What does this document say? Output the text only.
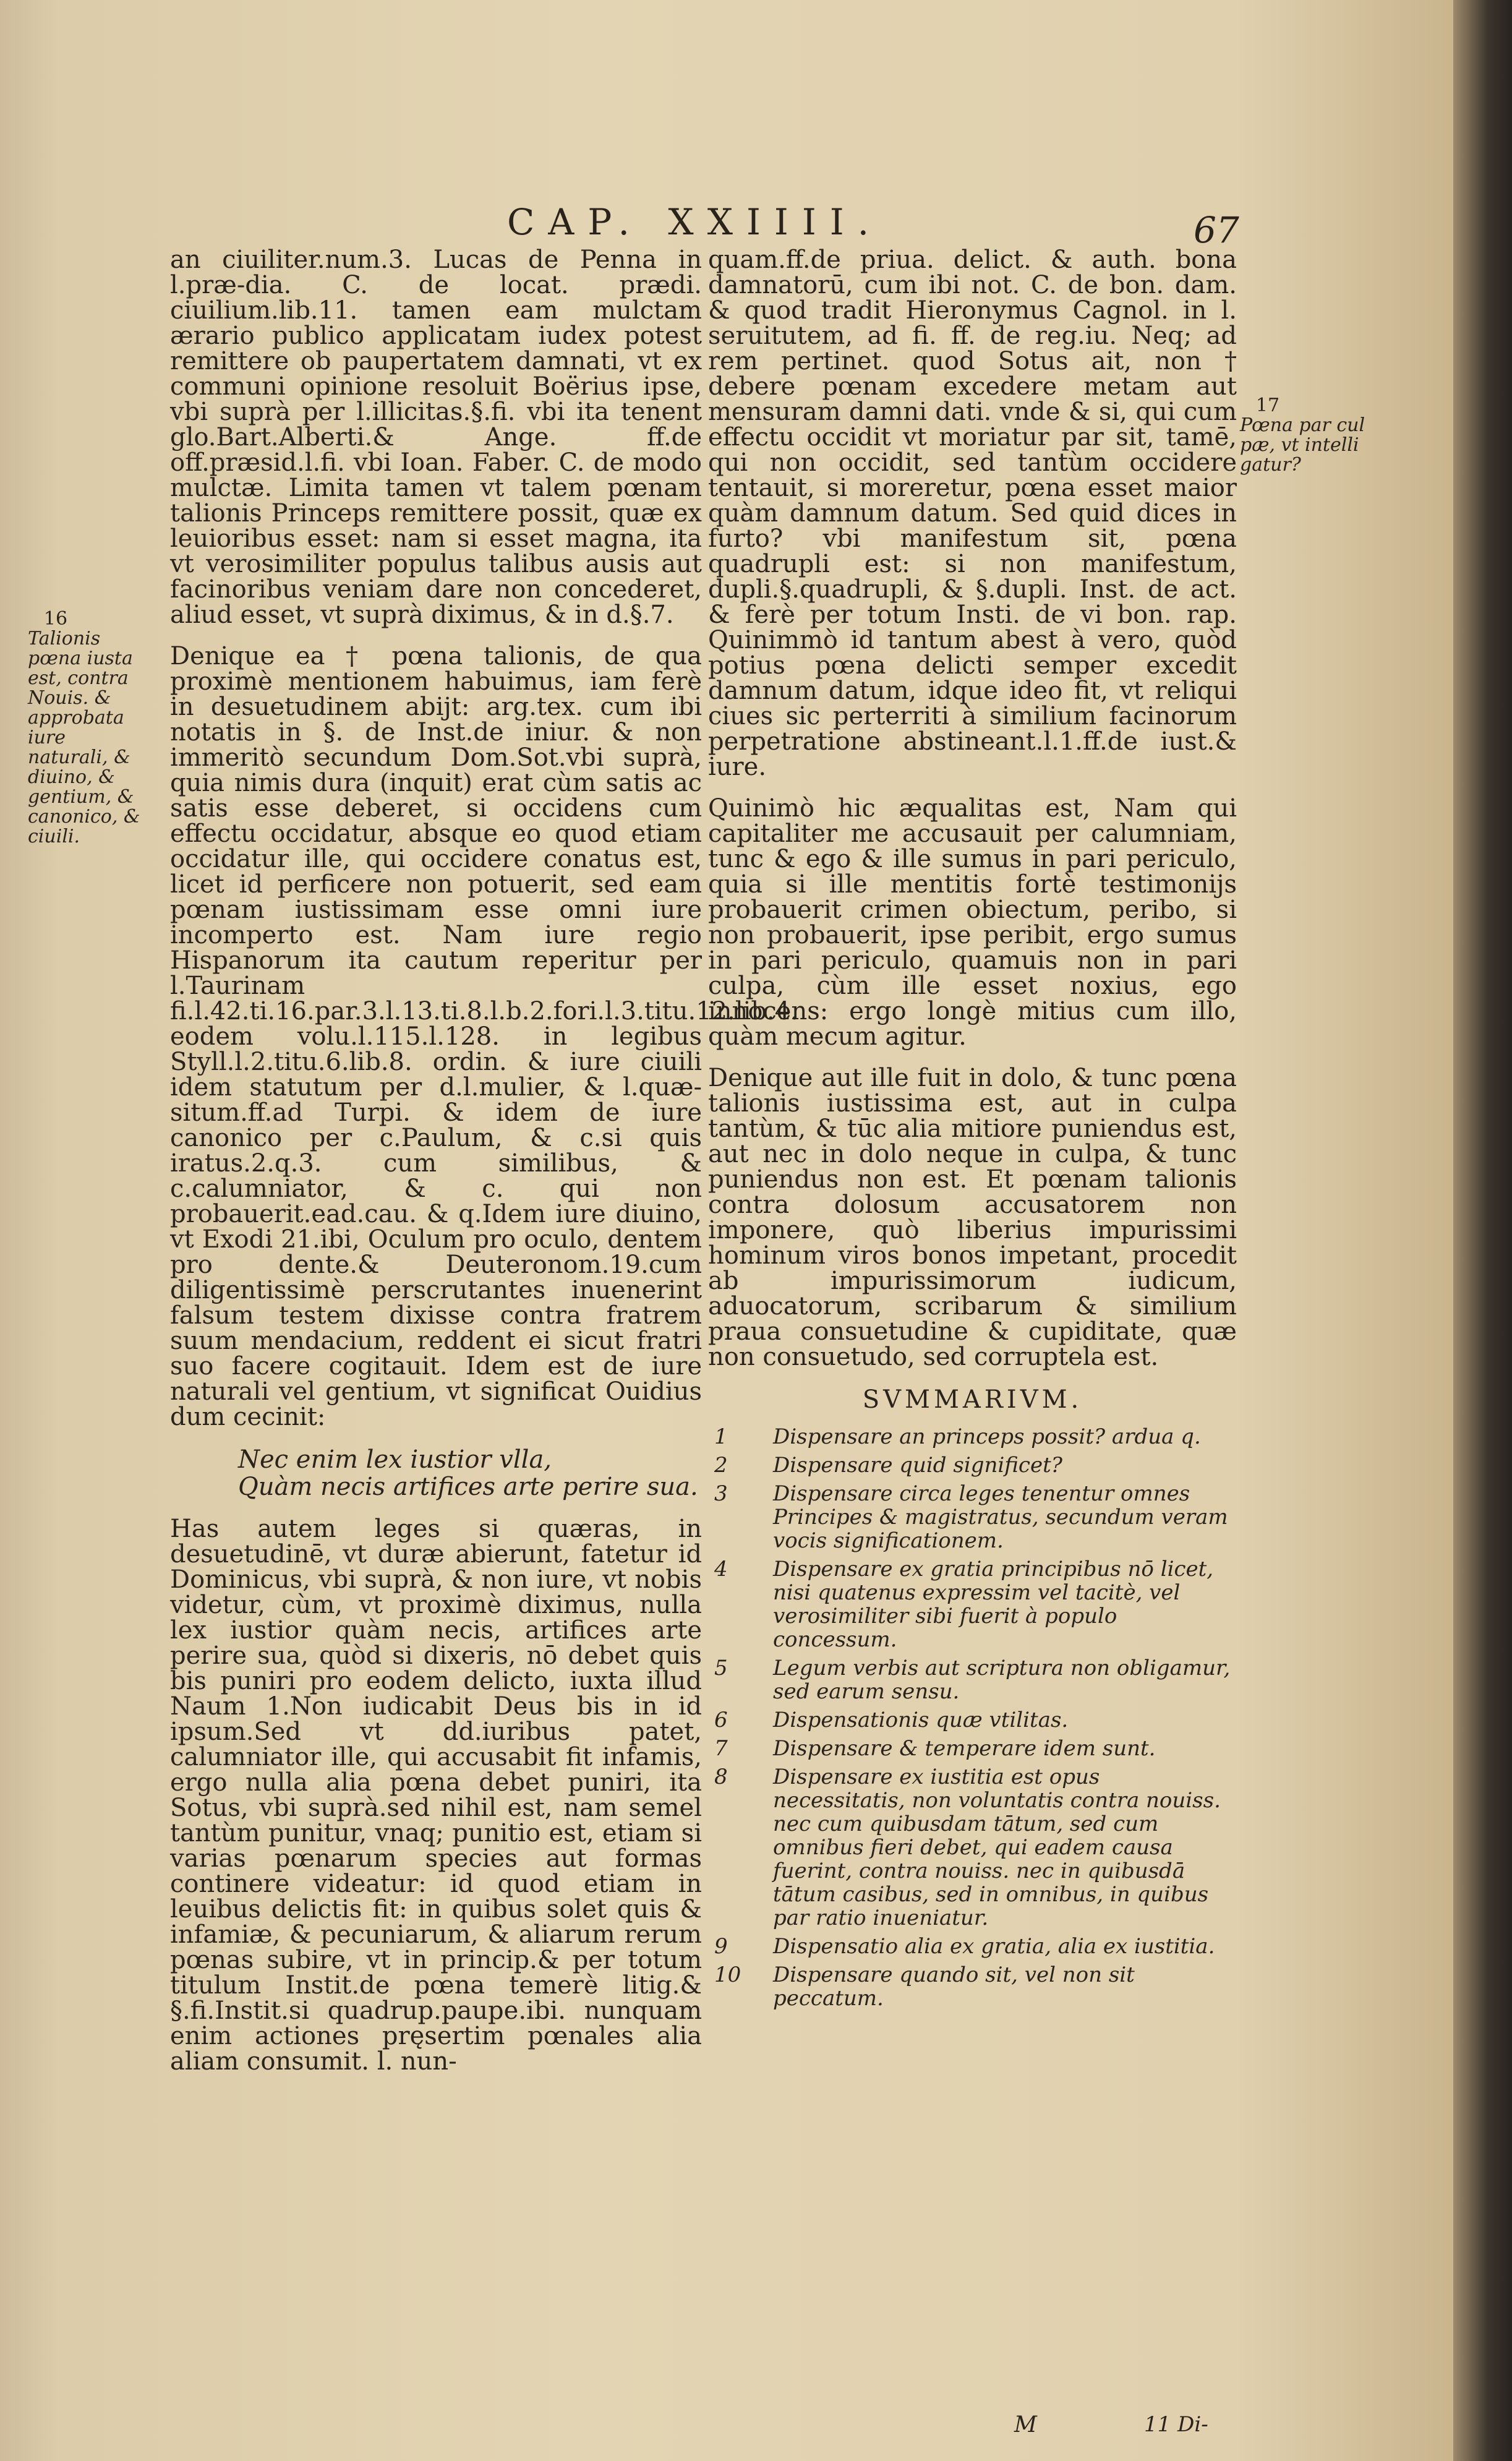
CAP. XXIIII.	67
16
Talionis pœna iusta est, contra Nouis. & approbata iure naturali, & diuino, & gentium, & canonico, & ciuili.
17
Pœna par cul pæ, vt intelli gatur?

an ciuiliter.num.3. Lucas de Penna in l.præ-dia. C. de locat. prædi. ciuilium.lib.11. tamen eam mulctam ærario publico applicatam iudex potest remittere ob paupertatem damnati, vt ex communi opinione resoluit Boërius ipse, vbi suprà per l.illicitas.§.fi. vbi ita tenent glo.Bart.Alberti.& Ange. ff.de off.præsid.l.fi. vbi Ioan. Faber. C. de modo mulctæ. Limita tamen vt talem pœnam talionis Princeps remittere possit, quæ ex leuioribus esset: nam si esset magna, ita vt verosimiliter populus talibus ausis aut facinoribus veniam dare non concederet, aliud esset, vt suprà diximus, & in d.§.7.

Denique ea † pœna talionis, de qua proximè mentionem habuimus, iam ferè in desuetudinem abijt: arg.tex. cum ibi notatis in §. de Inst.de iniur. & non immeritò secundum Dom.Sot.vbi suprà, quia nimis dura (inquit) erat cùm satis ac satis esse deberet, si occidens cum effectu occidatur, absque eo quod etiam occidatur ille, qui occidere conatus est, licet id perficere non potuerit, sed eam pœnam iustissimam esse omni iure incomperto est. Nam iure regio Hispanorum ita cautum reperitur per l.Taurinam fi.l.42.ti.16.par.3.l.13.ti.8.l.b.2.fori.l.3.titu.12.lib.4. eodem volu.l.115.l.128. in legibus Styll.l.2.titu.6.lib.8. ordin. & iure ciuili idem statutum per d.l.mulier, & l.quæ-situm.ff.ad Turpi. & idem de iure canonico per c.Paulum, & c.si quis iratus.2.q.3. cum similibus, & c.calumniator, & c. qui non probauerit.ead.cau. & q.Idem iure diuino, vt Exodi 21.ibi, Oculum pro oculo, dentem pro dente.& Deuteronom.19.cum diligentissimè perscrutantes inuenerint falsum testem dixisse contra fratrem suum mendacium, reddent ei sicut fratri suo facere cogitauit. Idem est de iure naturali vel gentium, vt significat Ouidius dum cecinit:

Nec enim lex iustior vlla,
Quàm necis artifices arte perire sua.

Has autem leges si quæras, in desuetudinē, vt duræ abierunt, fatetur id Dominicus, vbi suprà, & non iure, vt nobis videtur, cùm, vt proximè diximus, nulla lex iustior quàm necis, artifices arte perire sua, quòd si dixeris, nō debet quis bis puniri pro eodem delicto, iuxta illud Naum 1.Non iudicabit Deus bis in id ipsum.Sed vt dd.iuribus patet, calumniator ille, qui accusabit fit infamis, ergo nulla alia pœna debet puniri, ita Sotus, vbi suprà.sed nihil est, nam semel tantùm punitur, vnaq; punitio est, etiam si varias pœnarum species aut formas continere videatur: id quod etiam in leuibus delictis fit: in quibus solet quis & infamiæ, & pecuniarum, & aliarum rerum pœnas subire, vt in princip.& per totum titulum Instit.de pœna temerè litig.& §.fi.Instit.si quadrup.paupe.ibi. nunquam enim actiones pręsertim pœnales alia aliam consumit. l. nun-

quam.ff.de priua. delict. & auth. bona damnatorū, cum ibi not. C. de bon. dam. & quod tradit Hieronymus Cagnol. in l. seruitutem, ad fi. ff. de reg.iu. Neq; ad rem pertinet. quod Sotus ait, non † debere pœnam excedere metam aut mensuram damni dati. vnde & si, qui cum effectu occidit vt moriatur par sit, tamē, qui non occidit, sed tantùm occidere tentauit, si moreretur, pœna esset maior quàm damnum datum. Sed quid dices in furto? vbi manifestum sit, pœna quadrupli est: si non manifestum, dupli.§.quadrupli, & §.dupli. Inst. de act. & ferè per totum Insti. de vi bon. rap. Quinimmò id tantum abest à vero, quòd potius pœna delicti semper excedit damnum datum, idque ideo fit, vt reliqui ciues sic perterriti à similium facinorum perpetratione abstineant.l.1.ff.de iust.& iure.

Quinimò hic æqualitas est, Nam qui capitaliter me accusauit per calumniam, tunc & ego & ille sumus in pari periculo, quia si ille mentitis fortè testimonijs probauerit crimen obiectum, peribo, si non probauerit, ipse peribit, ergo sumus in pari periculo, quamuis non in pari culpa, cùm ille esset noxius, ego innocens: ergo longè mitius cum illo, quàm mecum agitur.

Denique aut ille fuit in dolo, & tunc pœna talionis iustissima est, aut in culpa tantùm, & tūc alia mitiore puniendus est, aut nec in dolo neque in culpa, & tunc puniendus non est. Et pœnam talionis contra dolosum accusatorem non imponere, quò liberius impurissimi hominum viros bonos impetant, procedit ab impurissimorum iudicum, aduocatorum, scribarum & similium praua consuetudine & cupiditate, quæ non consuetudo, sed corruptela est.

SVMMARIVM.
1	Dispensare an princeps possit? ardua q.
2	Dispensare quid significet?
3	Dispensare circa leges tenentur omnes Principes & magistratus, secundum veram vocis significationem.
4	Dispensare ex gratia principibus nō licet, nisi quatenus expressim vel tacitè, vel verosimiliter sibi fuerit à populo concessum.
5	Legum verbis aut scriptura non obligamur, sed earum sensu.
6	Dispensationis quæ vtilitas.
7	Dispensare & temperare idem sunt.
8	Dispensare ex iustitia est opus necessitatis, non voluntatis contra nouiss. nec cum quibusdam tātum, sed cum omnibus fieri debet, qui eadem causa fuerint, contra nouiss. nec in quibusdā tātum casibus, sed in omnibus, in quibus par ratio inueniatur.
9	Dispensatio alia ex gratia, alia ex iustitia.
10	Dispensare quando sit, vel non sit peccatum.
M	11 Di-
